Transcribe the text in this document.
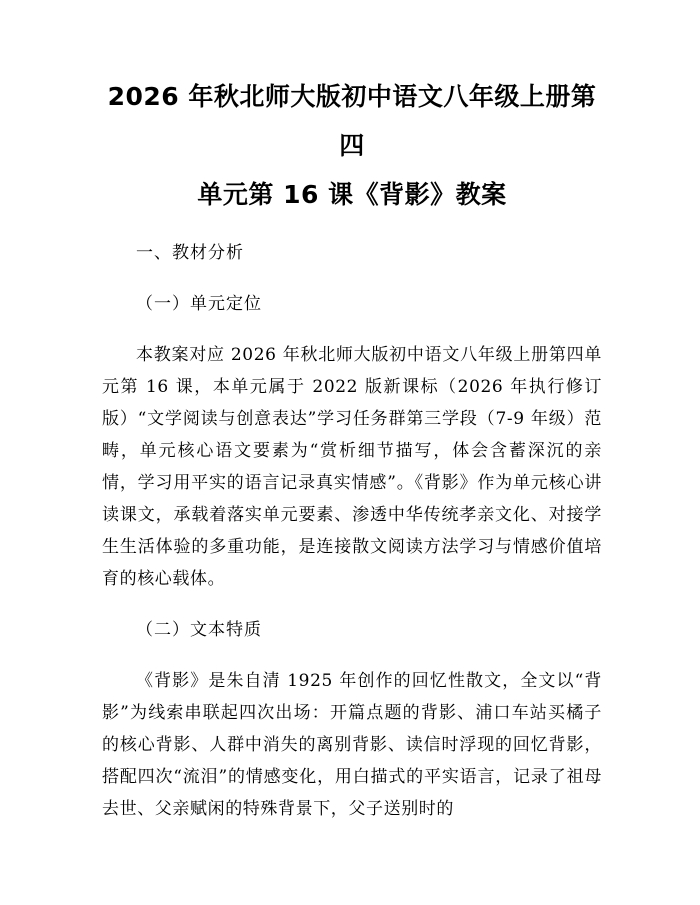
2026 年秋北师大版初中语文八年级上册第四
单元第 16 课《背影》教案
一、教材分析
（一）单元定位

本教案对应 2026 年秋北师大版初中语文八年级上册第四单元第 16 课，本单元属于 2022 版新课标（2026 年执行修订版）“文学阅读与创意表达”学习任务群第三学段（7-9 年级）范畴，单元核心语文要素为“赏析细节描写，体会含蓄深沉的亲情，学习用平实的语言记录真实情感”。《背影》作为单元核心讲读课文，承载着落实单元要素、渗透中华传统孝亲文化、对接学生生活体验的多重功能，是连接散文阅读方法学习与情感价值培育的核心载体。

（二）文本特质

《背影》是朱自清 1925 年创作的回忆性散文，全文以“背影”为线索串联起四次出场：开篇点题的背影、浦口车站买橘子的核心背影、人群中消失的离别背影、读信时浮现的回忆背影，搭配四次“流泪”的情感变化，用白描式的平实语言，记录了祖母去世、父亲赋闲的特殊背景下，父子送别时的
